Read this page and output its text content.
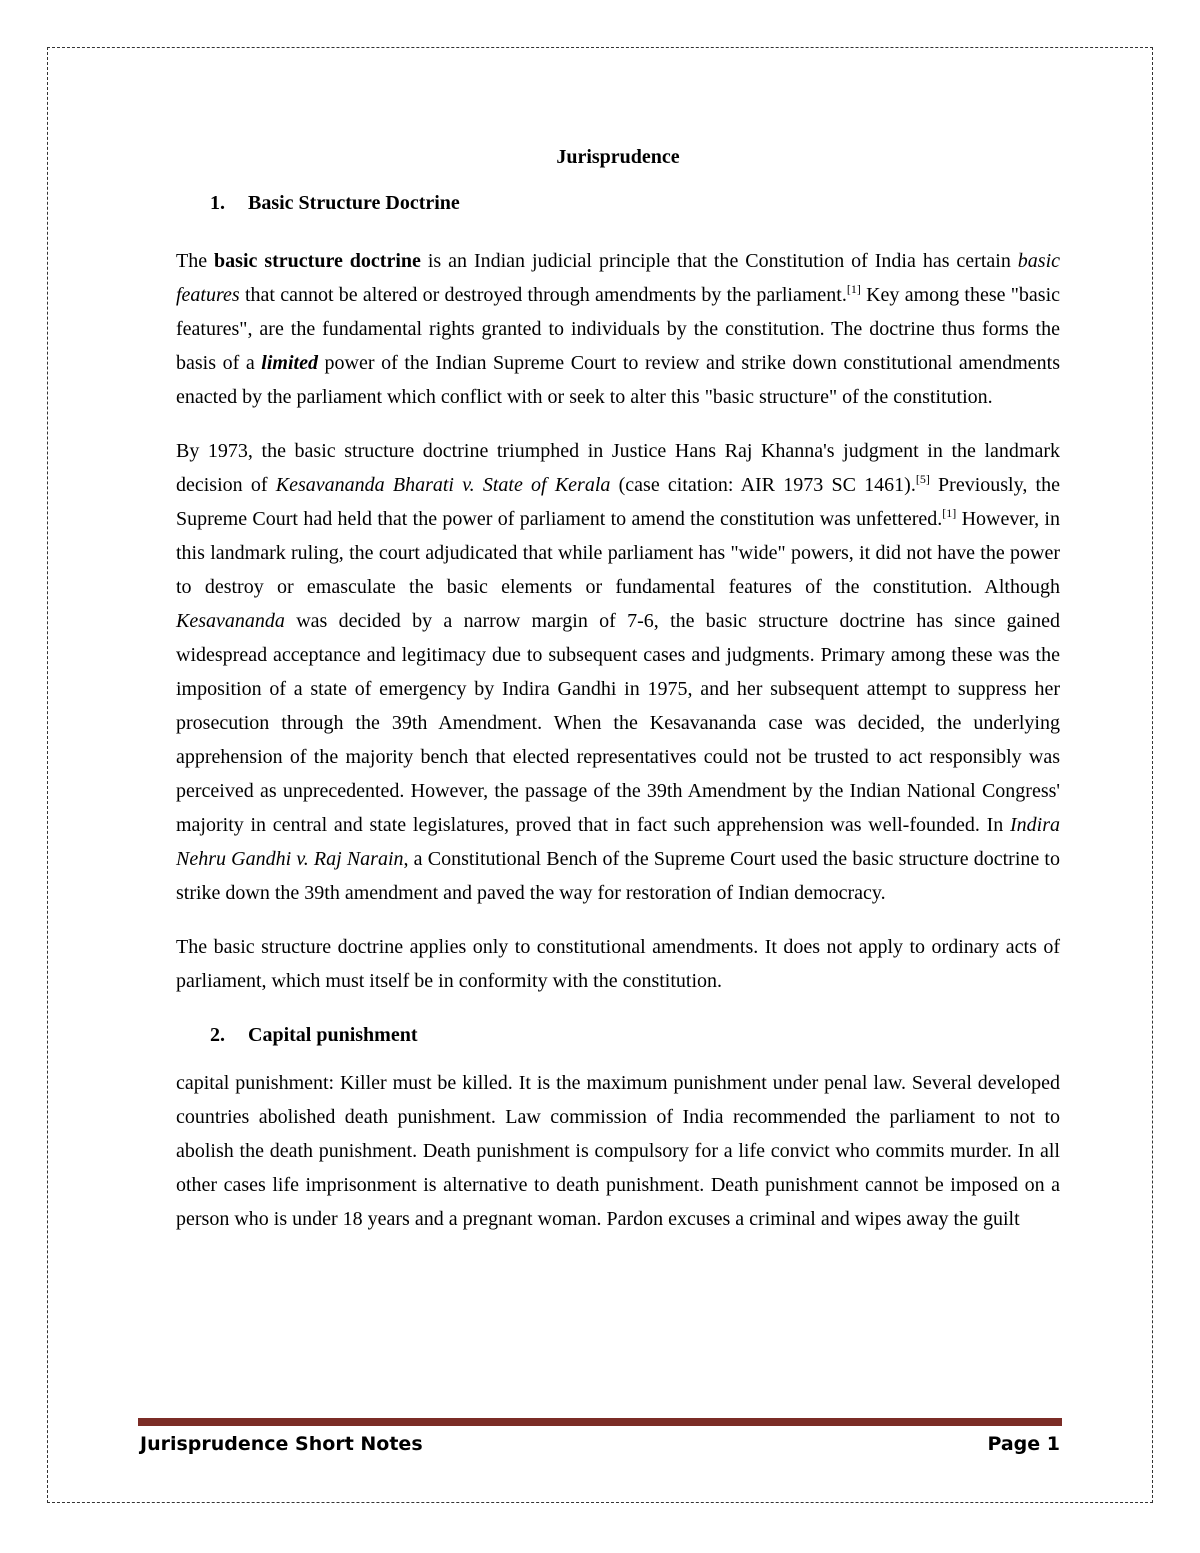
Jurisprudence
1. Basic Structure Doctrine

The basic structure doctrine is an Indian judicial principle that the Constitution of India has certain basic features that cannot be altered or destroyed through amendments by the parliament.[1] Key among these "basic features", are the fundamental rights granted to individuals by the constitution. The doctrine thus forms the basis of a limited power of the Indian Supreme Court to review and strike down constitutional amendments enacted by the parliament which conflict with or seek to alter this "basic structure" of the constitution.

By 1973, the basic structure doctrine triumphed in Justice Hans Raj Khanna's judgment in the landmark decision of Kesavananda Bharati v. State of Kerala (case citation: AIR 1973 SC 1461).[5] Previously, the Supreme Court had held that the power of parliament to amend the constitution was unfettered.[1] However, in this landmark ruling, the court adjudicated that while parliament has "wide" powers, it did not have the power to destroy or emasculate the basic elements or fundamental features of the constitution. Although Kesavananda was decided by a narrow margin of 7-6, the basic structure doctrine has since gained widespread acceptance and legitimacy due to subsequent cases and judgments. Primary among these was the imposition of a state of emergency by Indira Gandhi in 1975, and her subsequent attempt to suppress her prosecution through the 39th Amendment. When the Kesavananda case was decided, the underlying apprehension of the majority bench that elected representatives could not be trusted to act responsibly was perceived as unprecedented. However, the passage of the 39th Amendment by the Indian National Congress' majority in central and state legislatures, proved that in fact such apprehension was well-founded. In Indira Nehru Gandhi v. Raj Narain, a Constitutional Bench of the Supreme Court used the basic structure doctrine to strike down the 39th amendment and paved the way for restoration of Indian democracy.

The basic structure doctrine applies only to constitutional amendments. It does not apply to ordinary acts of parliament, which must itself be in conformity with the constitution.

2. Capital punishment

capital punishment: Killer must be killed. It is the maximum punishment under penal law. Several developed countries abolished death punishment. Law commission of India recommended the parliament to not to abolish the death punishment. Death punishment is compulsory for a life convict who commits murder. In all other cases life imprisonment is alternative to death punishment. Death punishment cannot be imposed on a person who is under 18 years and a pregnant woman. Pardon excuses a criminal and wipes away the guilt

Jurisprudence Short Notes	Page 1
